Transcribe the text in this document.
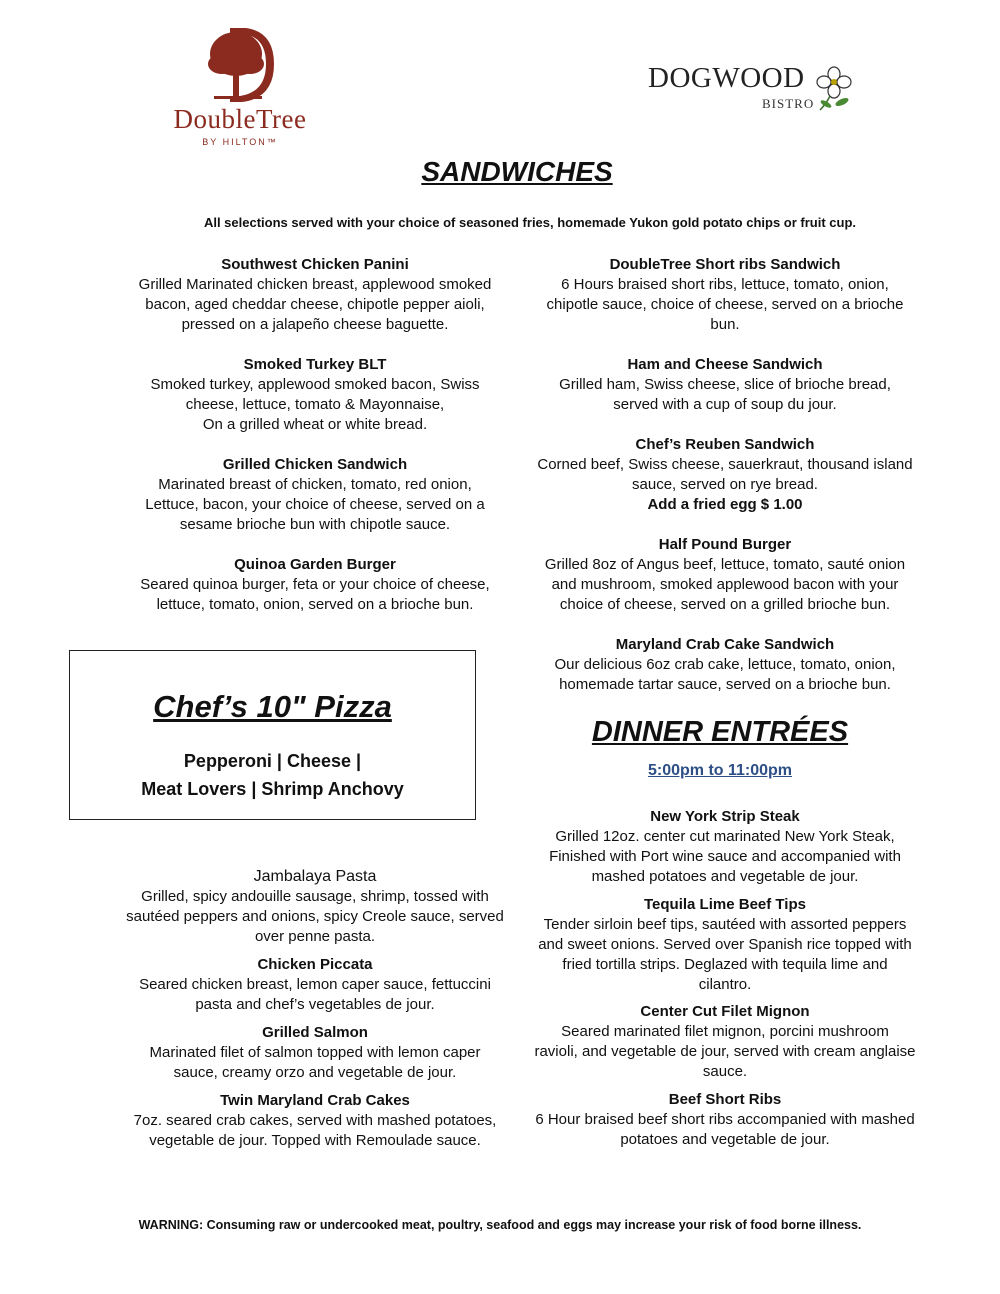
DoubleTree
BY HILTON™
DOGWOOD
BISTRO
SANDWICHES
All selections served with your choice of seasoned fries, homemade Yukon gold potato chips or fruit cup.
Southwest Chicken Panini
Grilled Marinated chicken breast, applewood smoked
bacon, aged cheddar cheese, chipotle pepper aioli,
pressed on a jalapeño cheese baguette.
Smoked Turkey BLT
Smoked turkey, applewood smoked bacon, Swiss
cheese, lettuce, tomato & Mayonnaise,
On a grilled wheat or white bread.
Grilled Chicken Sandwich
Marinated breast of chicken, tomato, red onion,
Lettuce, bacon, your choice of cheese, served on a
sesame brioche bun with chipotle sauce.
Quinoa Garden Burger
Seared quinoa burger, feta or your choice of cheese,
lettuce, tomato, onion, served on a brioche bun.
DoubleTree Short ribs Sandwich
6 Hours braised short ribs, lettuce, tomato, onion,
chipotle sauce, choice of cheese, served on a brioche
bun.
Ham and Cheese Sandwich
Grilled ham, Swiss cheese, slice of brioche bread,
served with a cup of soup du jour.
Chef’s Reuben Sandwich
Corned beef, Swiss cheese, sauerkraut, thousand island
sauce, served on rye bread.
Add a fried egg $ 1.00
Half Pound Burger
Grilled 8oz of Angus beef, lettuce, tomato, sauté onion
and mushroom, smoked applewood bacon with your
choice of cheese, served on a grilled brioche bun.
Maryland Crab Cake Sandwich
Our delicious 6oz crab cake, lettuce, tomato, onion,
homemade tartar sauce, served on a brioche bun.
Chef’s 10" Pizza
Pepperoni | Cheese |
Meat Lovers | Shrimp Anchovy
DINNER ENTRÉES
5:00pm to 11:00pm
Jambalaya Pasta
Grilled, spicy andouille sausage, shrimp, tossed with
sautéed peppers and onions, spicy Creole sauce, served
over penne pasta.
Chicken Piccata
Seared chicken breast, lemon caper sauce, fettuccini
pasta and chef’s vegetables de jour.
Grilled Salmon
Marinated filet of salmon topped with lemon caper
sauce, creamy orzo and vegetable de jour.
Twin Maryland Crab Cakes
7oz. seared crab cakes, served with mashed potatoes,
vegetable de jour. Topped with Remoulade sauce.
New York Strip Steak
Grilled 12oz. center cut marinated New York Steak,
Finished with Port wine sauce and accompanied with
mashed potatoes and vegetable de jour.
Tequila Lime Beef Tips
Tender sirloin beef tips, sautéed with assorted peppers
and sweet onions. Served over Spanish rice topped with
fried tortilla strips. Deglazed with tequila lime and
cilantro.
Center Cut Filet Mignon
Seared marinated filet mignon, porcini mushroom
ravioli, and vegetable de jour, served with cream anglaise
sauce.
Beef Short Ribs
6 Hour braised beef short ribs accompanied with mashed
potatoes and vegetable de jour.
WARNING: Consuming raw or undercooked meat, poultry, seafood and eggs may increase your risk of food borne illness.
